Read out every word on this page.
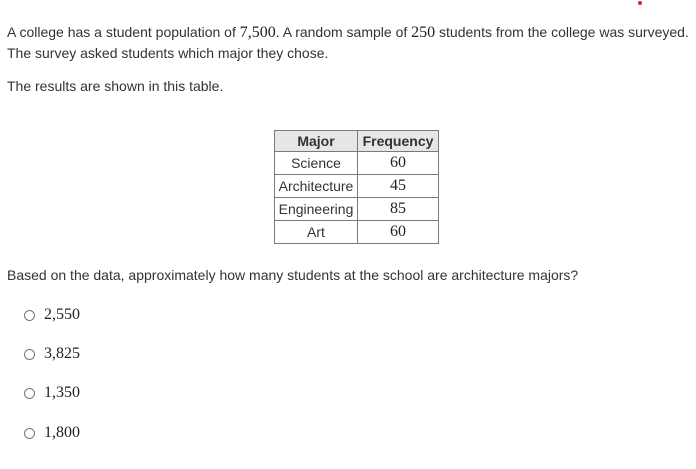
A college has a student population of 7,500. A random sample of 250 students from the college was surveyed.
The survey asked students which major they chose.

The results are shown in this table.

Major	Frequency
Science	60
Architecture	45
Engineering	85
Art	60

Based on the data, approximately how many students at the school are architecture majors?

2,550
3,825
1,350
1,800
